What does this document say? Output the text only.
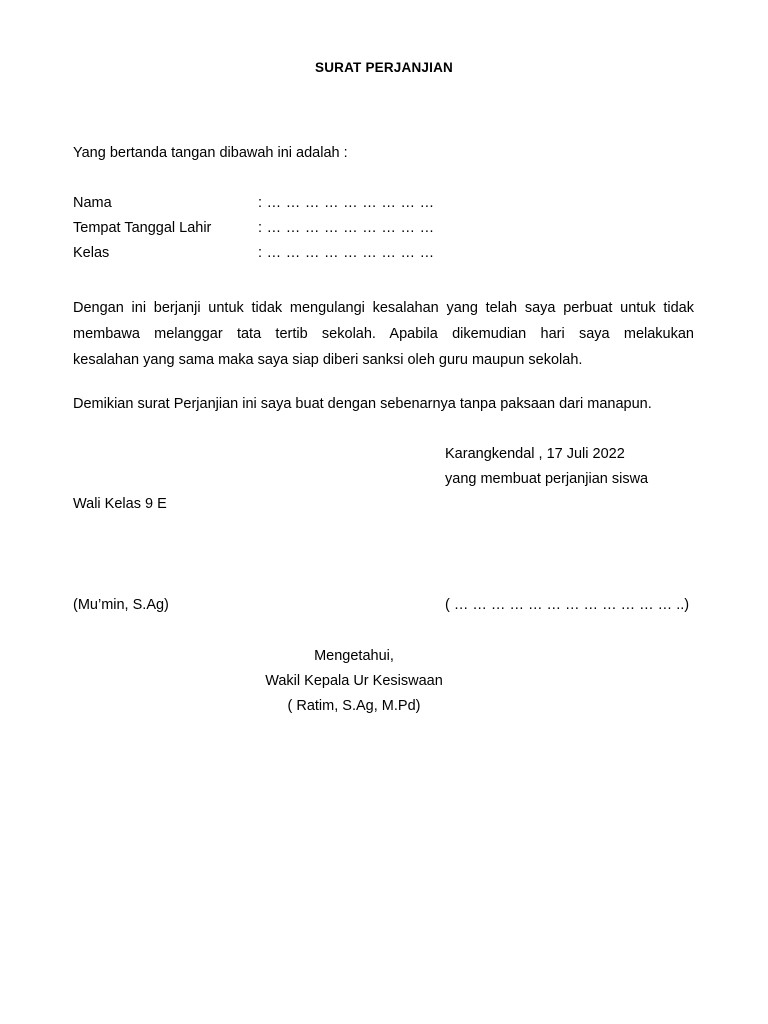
SURAT PERJANJIAN
Yang bertanda tangan dibawah ini adalah :
Nama	: … … … … … … … … …
Tempat Tanggal Lahir	: … … … … … … … … …
Kelas	: … … … … … … … … …
Dengan ini berjanji untuk tidak mengulangi kesalahan yang telah saya perbuat untuk tidak
membawa melanggar tata tertib sekolah. Apabila dikemudian hari saya melakukan
kesalahan yang sama maka saya siap diberi sanksi oleh guru maupun sekolah.
Demikian surat Perjanjian ini saya buat dengan sebenarnya tanpa paksaan dari manapun.
Karangkendal , 17 Juli 2022
yang membuat perjanjian siswa
Wali Kelas 9 E
(Mu’min, S.Ag)	( … … … … … … … … … … … … ..)
Mengetahui,
Wakil Kepala Ur Kesiswaan
( Ratim, S.Ag, M.Pd)
